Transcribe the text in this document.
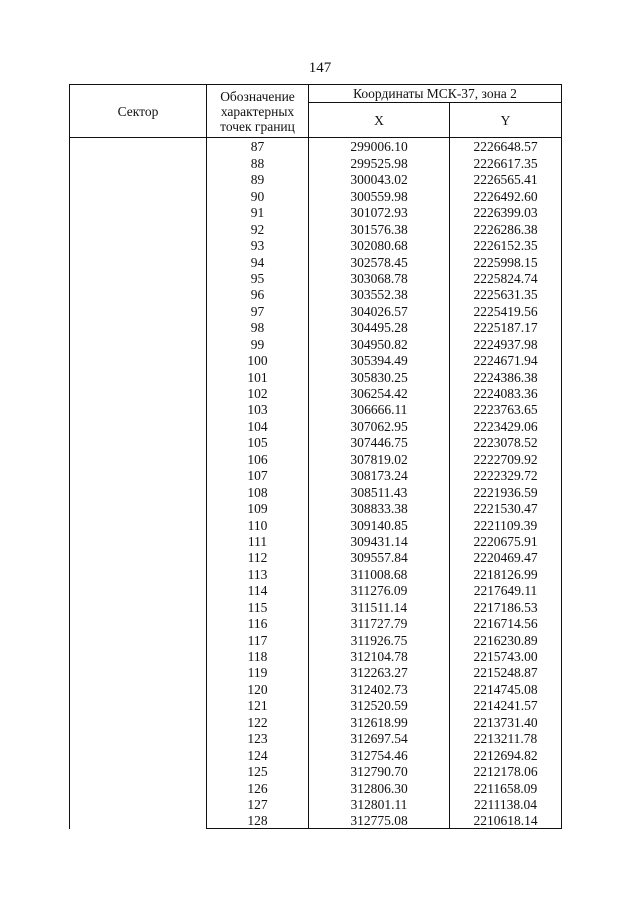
147
Сектор	Обозначение характерных точек границ	Координаты МСК-37, зона 2	
		X	Y
	87	299006.10	2226648.57
	88	299525.98	2226617.35
	89	300043.02	2226565.41
	90	300559.98	2226492.60
	91	301072.93	2226399.03
	92	301576.38	2226286.38
	93	302080.68	2226152.35
	94	302578.45	2225998.15
	95	303068.78	2225824.74
	96	303552.38	2225631.35
	97	304026.57	2225419.56
	98	304495.28	2225187.17
	99	304950.82	2224937.98
	100	305394.49	2224671.94
	101	305830.25	2224386.38
	102	306254.42	2224083.36
	103	306666.11	2223763.65
	104	307062.95	2223429.06
	105	307446.75	2223078.52
	106	307819.02	2222709.92
	107	308173.24	2222329.72
	108	308511.43	2221936.59
	109	308833.38	2221530.47
	110	309140.85	2221109.39
	111	309431.14	2220675.91
	112	309557.84	2220469.47
	113	311008.68	2218126.99
	114	311276.09	2217649.11
	115	311511.14	2217186.53
	116	311727.79	2216714.56
	117	311926.75	2216230.89
	118	312104.78	2215743.00
	119	312263.27	2215248.87
	120	312402.73	2214745.08
	121	312520.59	2214241.57
	122	312618.99	2213731.40
	123	312697.54	2213211.78
	124	312754.46	2212694.82
	125	312790.70	2212178.06
	126	312806.30	2211658.09
	127	312801.11	2211138.04
	128	312775.08	2210618.14
